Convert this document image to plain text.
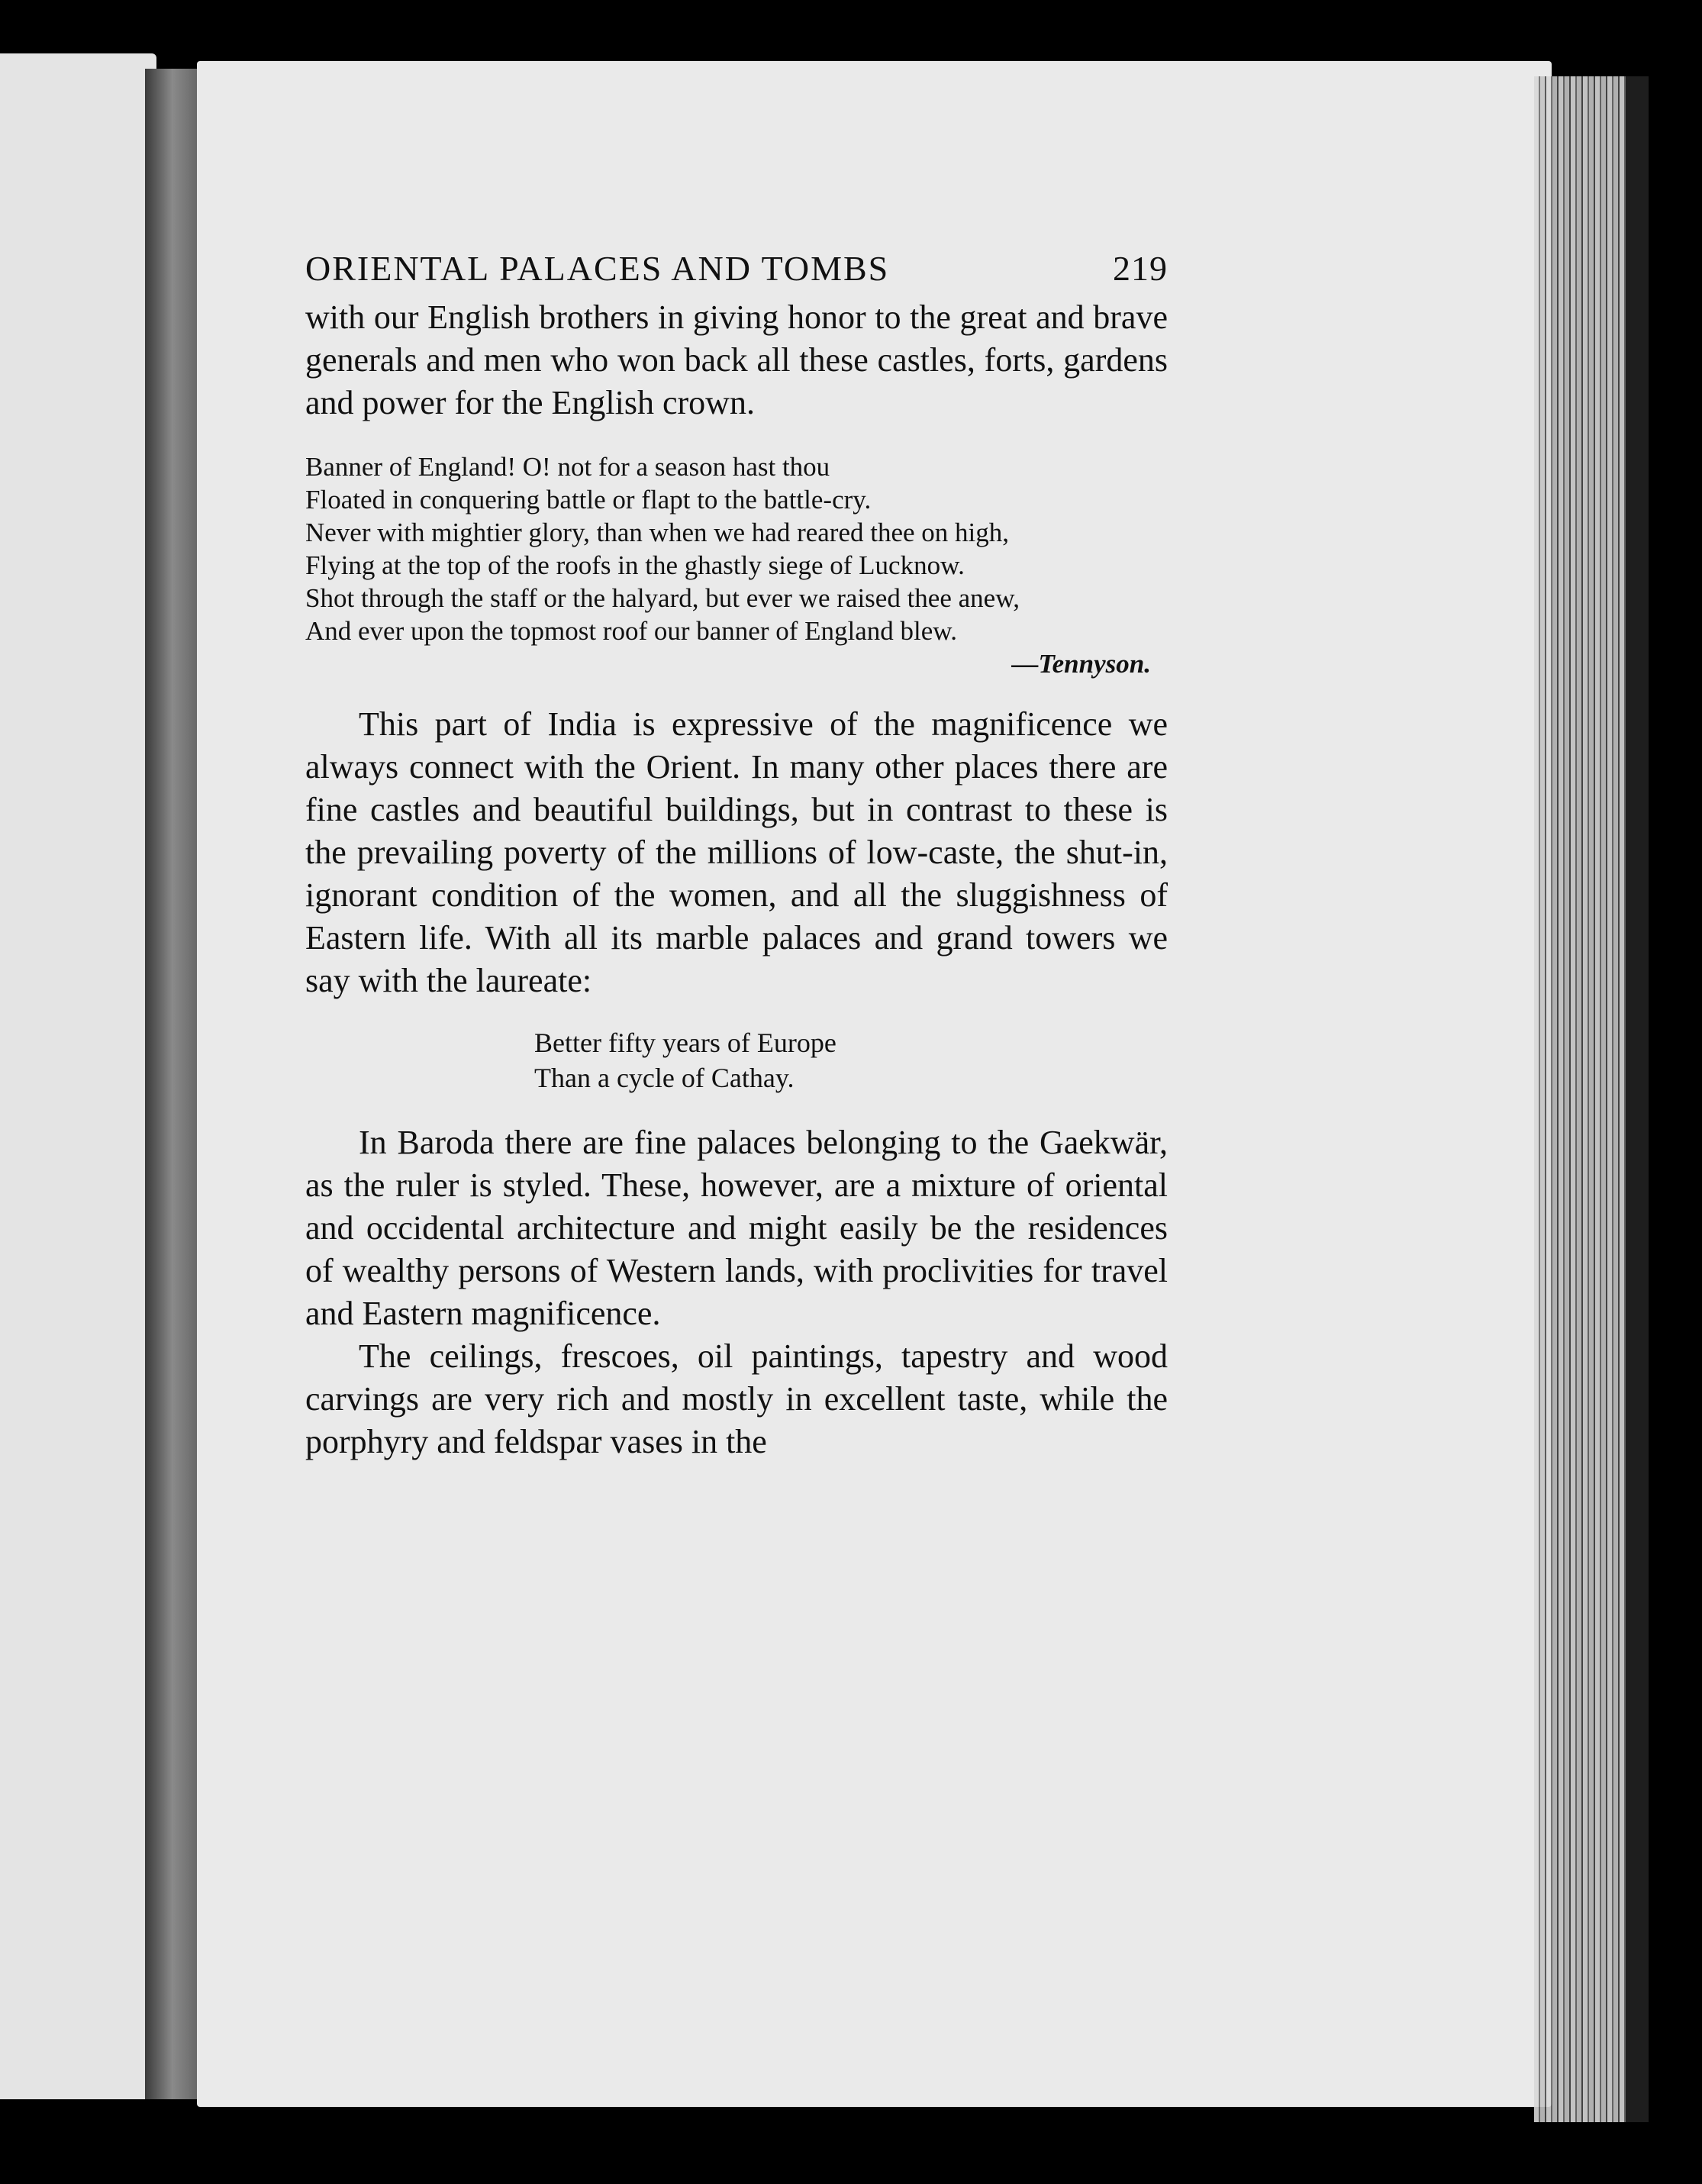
ORIENTAL PALACES AND TOMBS	219

with our English brothers in giving honor to the great and brave generals and men who won back all these castles, forts, gardens and power for the English crown.

Banner of England! O! not for a season hast thou
Floated in conquering battle or flapt to the battle-cry.
Never with mightier glory, than when we had reared thee on high,
Flying at the top of the roofs in the ghastly siege of Lucknow.
Shot through the staff or the halyard, but ever we raised thee anew,
And ever upon the topmost roof our banner of England blew.
—Tennyson.

This part of India is expressive of the magnificence we always connect with the Orient. In many other places there are fine castles and beautiful buildings, but in contrast to these is the prevailing poverty of the millions of low-caste, the shut-in, ignorant condition of the women, and all the sluggishness of Eastern life. With all its marble palaces and grand towers we say with the laureate:

Better fifty years of Europe
Than a cycle of Cathay.

In Baroda there are fine palaces belonging to the Gaekwär, as the ruler is styled. These, however, are a mixture of oriental and occidental architecture and might easily be the residences of wealthy persons of Western lands, with proclivities for travel and Eastern magnificence.

The ceilings, frescoes, oil paintings, tapestry and wood carvings are very rich and mostly in excellent taste, while the porphyry and feldspar vases in the
